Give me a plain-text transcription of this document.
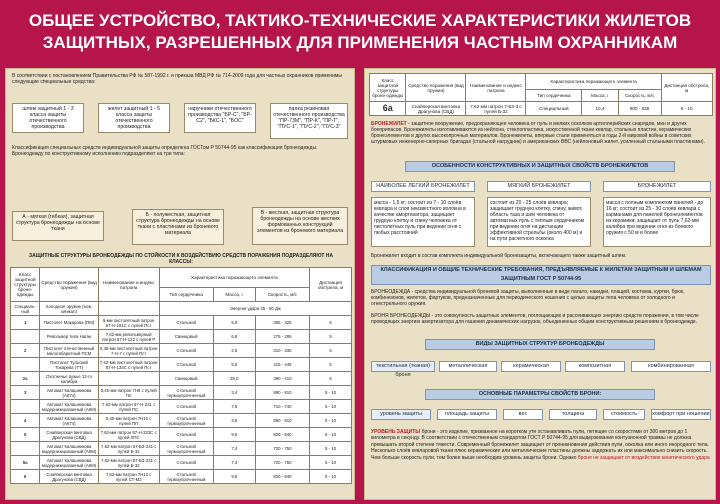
ОБЩЕЕ УСТРОЙСТВО, ТАКТИКО-ТЕХНИЧЕСКИЕ ХАРАКТЕРИСТИКИ ЖИЛЕТОВ ЗАЩИТНЫХ, РАЗРЕШЕННЫХ ДЛЯ ПРИМЕНЕНИЯ ЧАСТНЫМ ОХРАННИКАМ
В соответствии с постановлением Правительства РФ № 587-1992 г. и приказа МВД РФ № 714-2009 года для частных охранников применимы следующие специальные средства:
шлем защитный 1 - 3 класса защиты отечественного производства
жилет защитный 1 - 5 класса защиты отечественного производства
наручники отечественного производства "БР-С", "БР-С2", "БКС-1", "БОС"
палка резиновая отечественного производства "ПР-73М", "ПР-К", "ПР-Т", "ПУС-1", "ПУС-2", "ПУС-3"
Классификация специальных средств индивидуальной защиты определена ГОСТом Р 50744-95 как классификация бронеодежды. Бронеодежду по конструктивному исполнению подразделяют на три типа:
А - мягкая (гибкая), защитная структура бронеодежды на основе ткани
Б - полужесткая, защитная структура бронеодежды на основе ткани с пластинами из броневого материала
В - жесткая, защитная структура бронеодежды на основе жестких формованных конструкций элементов из броневого материала
ЗАЩИТНЫЕ СТРУКТУРЫ БРОНЕОДЕЖДЫ ПО СТОЙКОСТИ К ВОЗДЕЙСТВИЮ СРЕДСТВ ПОРАЖЕНИЯ ПОДРАЗДЕЛЯЮТ НА КЛАССЫ:
Класс защитной структуры броне-одежды	Средство поражения (вид оружия)	Наименование и индекс патрона	Характеристика поражающего элемента			Дистанция обстрела, м
			Тип сердечника	Масса, г	Скорость, м/с	
Специаль-ный	Холодное оружие (нож, кинжал)		Энергия удара 45 - 50 Дж			
1	Пистолет Макарова (ПМ)	9-мм пистолетный патрон 57-Н-181С с пулей Пст	Стальной	5,9	305 - 325	5
	Револьвер типа Наган	7,62-мм револьверный патрон 57-Н-122 с пулей Р	Свинцовый	6,8	275 - 295	5
2	Пистолет отечественный малогабаритный ПСМ	5,45-мм пистолетный патрон 7-Н-7 с пулей Пст	Стальной	2,5	310 - 335	5
	Пистолет Тульский Токарева (ТТ)	7,62-мм пистолетный патрон 57-Н-134С с пулей Пст	Стальной	5,5	415 - 445	5
2а	Охотничье ружье 12-го калибра		Свинцовый	35,0	390 - 410	5
3	Автомат Калашникова (АК74)	5,45-мм патрон 7Н6 с пулей ПС	Стальной термоупрочненный	3,4	890 - 910	5 - 10
	Автомат Калашникова модернизированный (АКМ)	7,62-мм патрон 57-Н-231 с пулей ПС	Стальной	7,9	710 - 740	5 - 10
4	Автомат Калашникова (АК74)	5,45-мм патрон 7Н10 с пулей ПП	Стальной термоупрочненный	3,6	890 - 910	5 - 10
5	Снайперская винтовка Драгунова (СВД)	7,62-мм патрон 57-Н-323С с пулей ЛПС	Стальной	9,6	820 - 840	5 - 10
	Автомат Калашникова модернизированный (АКМ)	7,62-мм патрон 57-БЗ-231 с пулей Б-32	Стальной термоупрочненный	7,4	720 - 750	5 - 10
5а	Автомат Калашникова модернизированный (АКМ)	7,62-мм патрон 57-БЗ-231 с пулей Б-32	Стальной	7,4	720 - 750	5 - 10
6	Снайперская винтовка Драгунова (СВД)	7,62-мм патрон 7Н13 с пулей СТ-М2	Стальной термоупрочненный	9,6	820 - 840	5 - 10
Класс защитной структуры броне-одежды	Средство поражения (вид оружия)	Наименование и индекс патрона	Характеристика поражающего элемента			Дистанция обстрела, м
			Тип сердечника	Масса, г	Скорость, м/с	
6а	Снайперская винтовка Драгунова (СВД)	7,62-мм патрон 7-БЗ-3 с пулей Б-32	Специальный	10,4	800 - 835	5 - 10
БРОНЕЖИЛЕТ - защитное вооружение, предохраняющее человека от пуль и мелких осколков артиллерийских снарядов, мин и других боеприпасов. Бронежилеты изготавливаются из нейлона, стеклопластика, искусственной ткани кевлар, стальных пластин, керамических бронеэлементов и других высокопрочных материалов. Бронежилеты, впервые стали применяться в годы 2-й мировой войны в советских штурмовых инженерно-саперных бригадах (стальной нагрудник) и американских ВВС (нейлоновый жилет, усиленный стальными пластинами).
ОСОБЕННОСТИ КОНСТРУКТИВНЫХ И ЗАЩИТНЫХ СВОЙСТВ БРОНЕЖИЛЕТОВ
НАИБОЛЕЕ ЛЕГКИЙ БРОНЕЖИЛЕТ	МЯГКИЙ БРОНЕЖИЛЕТ	БРОНЕЖИЛЕТ
масса - 1,5 кг; состоит из 7 - 10 слоёв кевлара и слоя неизвестного волокна в качестве амортизатора; защищает грудную клетку и спину человека от пистолетных пуль при ведении огня с любых расстояний
состоит из 20 - 25 слоёв кевлара; защищает грудную клетку, спину, живот, область таза и шеи человека от автоматных пуль с теплым сердечником при ведении огня на дистанции эффективной стрельбы (около 400 м) и на пути расчетного осколка
масса с полным комплектом панелей - до 16 кг; состоит из 25 - 30 слоёв кевлара с карманами для панелей бронеэлементов из керамики; защищает от пуль 7,62-мм калибра при ведении огня из боевого оружия с 50 м и более
Бронежилет входит в состав комплекта индивидуальной бронезащиты, включающего также защитный шлем.
КЛАССИФИКАЦИЯ И ОБЩИЕ ТЕХНИЧЕСКИЕ ТРЕБОВАНИЯ, ПРЕДЪЯВЛЯЕМЫЕ К ЖИЛЕТАМ ЗАЩИТНЫМ И ШЛЕМАМ ЗАЩИТНЫМ ГОСТ Р 50744-95
БРОНЕОДЕЖДА - средства индивидуальной броневой защиты, выполненные в виде пальто, накидки, плащей, костюма, куртки, брюк, комбинезонов, жилетов, фартуков, предназначенные для периодического ношения с целью защиты тела человека от холодного и огнестрельного оружия.
БРОНЯ БРОНЕОДЕЖДЫ - это совокупность защитных элементов, поглощающих и рассеивающих энергию средств поражения, в том числе проводящих энергию амортизатора для гашения динамических нагрузок, объединенных общим конструктивным решением в бронеодежде.
ВИДЫ ЗАЩИТНЫХ СТРУКТУР БРОНЕОДЕЖДЫ
текстильная (тканая) броня
металлическая	керамическая	композитная	комбинированная
ОСНОВНЫЕ ПАРАМЕТРЫ СВОЙСТВ БРОНИ:
уровень защиты	площадь защиты	вес	толщина	стоимость	комфорт при ношении
УРОВЕНЬ ЗАЩИТЫ брони - это изделие, призванное на коротком ути останавливать пули, летящие со скоростями от 300 метров до 1 километра в секунду. В соответствии с отечественным стандартом ГОСТ Р 50744-95 для выдерживания контузионной травмы не должна превышать второй степени тяжести. Современный бронежилет защищает от проникновения действия пули, осколка или иного инородного тела. Несколько слоёв кевларовой ткани плюс керамические или металлические пластины должны задержать их или максимально снизить скорость. Чем больше скорость пули, тем более выше необходим уровень защиты брони. Однако броня не защищает от воздействия кинетического удара
